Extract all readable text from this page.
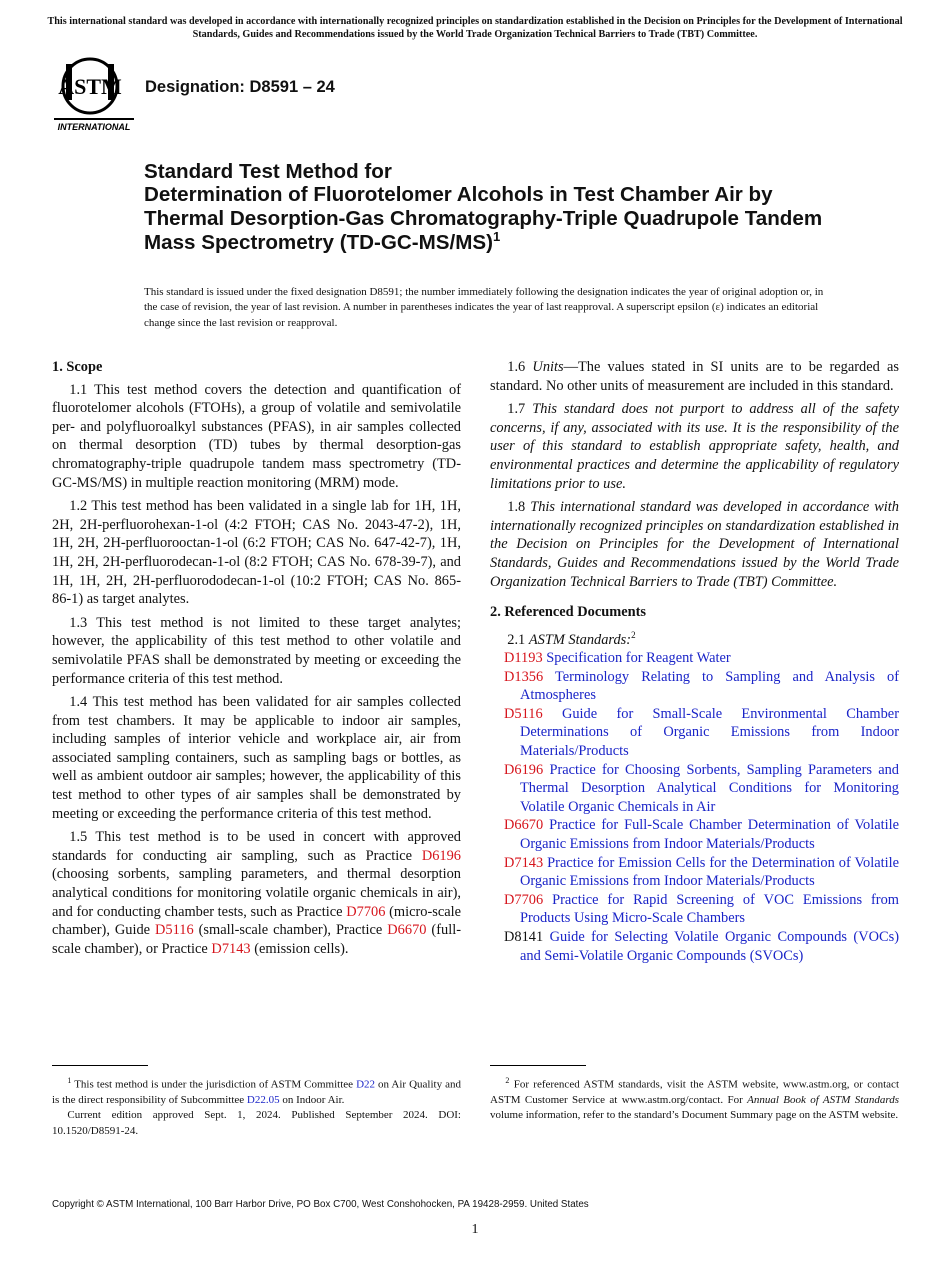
This international standard was developed in accordance with internationally recognized principles on standardization established in the Decision on Principles for the Development of International Standards, Guides and Recommendations issued by the World Trade Organization Technical Barriers to Trade (TBT) Committee.
ASTM
INTERNATIONAL
Designation: D8591 – 24
Standard Test Method for
Determination of Fluorotelomer Alcohols in Test Chamber Air by Thermal Desorption-Gas Chromatography-Triple Quadrupole Tandem Mass Spectrometry $(TD-GC-MS/MS)^1$
This standard is issued under the fixed designation D8591; the number immediately following the designation indicates the year of original adoption or, in the case of revision, the year of last revision. A number in parentheses indicates the year of last reapproval. A superscript epsilon (ε) indicates an editorial change since the last revision or reapproval.
1. Scope

1.1 This test method covers the detection and quantification of fluorotelomer alcohols (FTOHs), a group of volatile and semivolatile per- and polyfluoroalkyl substances (PFAS), in air samples collected on thermal desorption (TD) tubes by thermal desorption-gas chromatography-triple quadrupole tandem mass spectrometry (TD-GC-MS/MS) in multiple reaction monitoring (MRM) mode.

1.2 This test method has been validated in a single lab for 1H, 1H, 2H, 2H-perfluorohexan-1-ol (4:2 FTOH; CAS No. 2043-47-2), 1H, 1H, 2H, 2H-perfluorooctan-1-ol (6:2 FTOH; CAS No. 647-42-7), 1H, 1H, 2H, 2H-perfluorodecan-1-ol (8:2 FTOH; CAS No. 678-39-7), and 1H, 1H, 2H, 2H-perfluorododecan-1-ol (10:2 FTOH; CAS No. 865-86-1) as target analytes.

1.3 This test method is not limited to these target analytes; however, the applicability of this test method to other volatile and semivolatile PFAS shall be demonstrated by meeting or exceeding the performance criteria of this test method.

1.4 This test method has been validated for air samples collected from test chambers. It may be applicable to indoor air samples, including samples of interior vehicle and workplace air, air from associated sampling containers, such as sampling bags or bottles, as well as ambient outdoor air samples; however, the applicability of this test method to other types of air samples shall be demonstrated by meeting or exceeding the performance criteria of this test method.

1.5 This test method is to be used in concert with approved standards for conducting air sampling, such as Practice D6196 (choosing sorbents, sampling parameters, and thermal desorption analytical conditions for monitoring volatile organic chemicals in air), and for conducting chamber tests, such as Practice D7706 (micro-scale chamber), Guide D5116 (small-scale chamber), Practice D6670 (full-scale chamber), or Practice D7143 (emission cells).

1.6 Units—The values stated in SI units are to be regarded as standard. No other units of measurement are included in this standard.

1.7 This standard does not purport to address all of the safety concerns, if any, associated with its use. It is the responsibility of the user of this standard to establish appropriate safety, health, and environmental practices and determine the applicability of regulatory limitations prior to use.

1.8 This international standard was developed in accordance with internationally recognized principles on standardization established in the Decision on Principles for the Development of International Standards, Guides and Recommendations issued by the World Trade Organization Technical Barriers to Trade (TBT) Committee.

2. Referenced Documents
2.1 ASTM Standards:$^2$
D1193 Specification for Reagent Water
D1356 Terminology Relating to Sampling and Analysis of Atmospheres
D5116 Guide for Small-Scale Environmental Chamber Determinations of Organic Emissions from Indoor Materials/Products
D6196 Practice for Choosing Sorbents, Sampling Parameters and Thermal Desorption Analytical Conditions for Monitoring Volatile Organic Chemicals in Air
D6670 Practice for Full-Scale Chamber Determination of Volatile Organic Emissions from Indoor Materials/Products
D7143 Practice for Emission Cells for the Determination of Volatile Organic Emissions from Indoor Materials/Products
D7706 Practice for Rapid Screening of VOC Emissions from Products Using Micro-Scale Chambers
D8141 Guide for Selecting Volatile Organic Compounds (VOCs) and Semi-Volatile Organic Compounds (SVOCs)

$^1$ This test method is under the jurisdiction of ASTM Committee D22 on Air Quality and is the direct responsibility of Subcommittee D22.05 on Indoor Air.

Current edition approved Sept. 1, 2024. Published September 2024. DOI: 10.1520/D8591-24.

$^2$ For referenced ASTM standards, visit the ASTM website, www.astm.org, or contact ASTM Customer Service at www.astm.org/contact. For Annual Book of ASTM Standards volume information, refer to the standard’s Document Summary page on the ASTM website.

Copyright © ASTM International, 100 Barr Harbor Drive, PO Box C700, West Conshohocken, PA 19428-2959. United States
1
